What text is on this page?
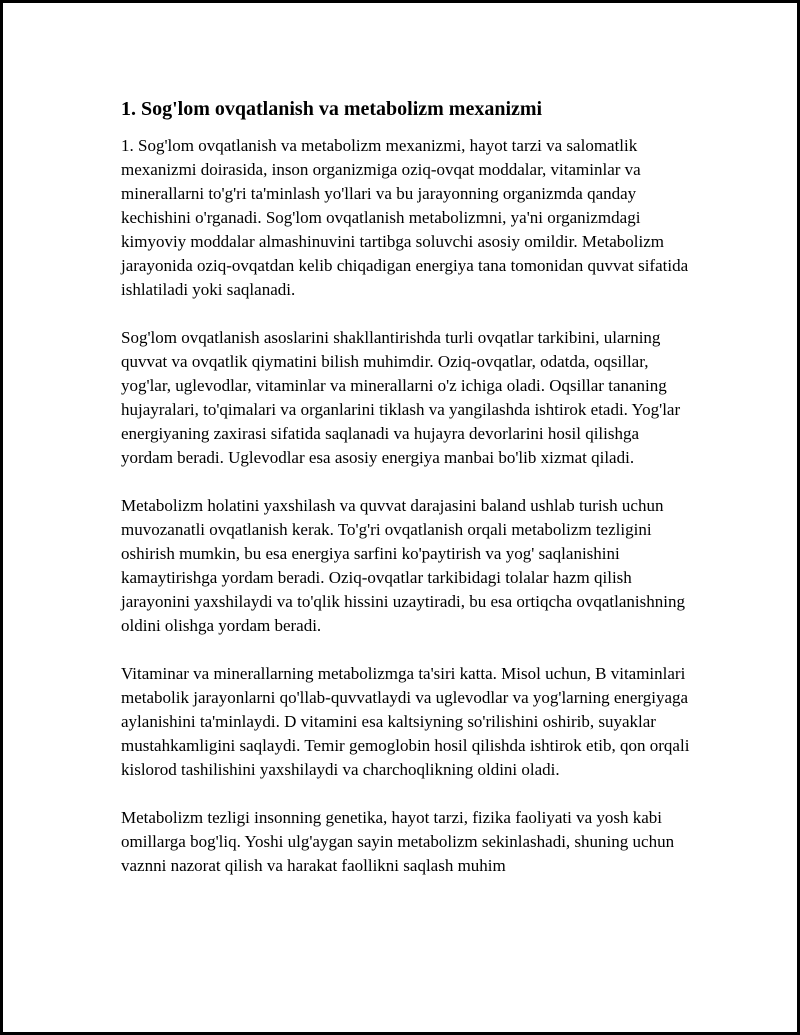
1. Sog'lom ovqatlanish va metabolizm mexanizmi

1. Sog'lom ovqatlanish va metabolizm mexanizmi, hayot tarzi va salomatlik mexanizmi doirasida, inson organizmiga oziq-ovqat moddalar, vitaminlar va minerallarni to'g'ri ta'minlash yo'llari va bu jarayonning organizmda qanday kechishini o'rganadi. Sog'lom ovqatlanish metabolizmni, ya'ni organizmdagi kimyoviy moddalar almashinuvini tartibga soluvchi asosiy omildir. Metabolizm jarayonida oziq-ovqatdan kelib chiqadigan energiya tana tomonidan quvvat sifatida ishlatiladi yoki saqlanadi.

Sog'lom ovqatlanish asoslarini shakllantirishda turli ovqatlar tarkibini, ularning quvvat va ovqatlik qiymatini bilish muhimdir. Oziq-ovqatlar, odatda, oqsillar, yog'lar, uglevodlar, vitaminlar va minerallarni o'z ichiga oladi. Oqsillar tananing hujayralari, to'qimalari va organlarini tiklash va yangilashda ishtirok etadi. Yog'lar energiyaning zaxirasi sifatida saqlanadi va hujayra devorlarini hosil qilishga yordam beradi. Uglevodlar esa asosiy energiya manbai bo'lib xizmat qiladi.

Metabolizm holatini yaxshilash va quvvat darajasini baland ushlab turish uchun muvozanatli ovqatlanish kerak. To'g'ri ovqatlanish orqali metabolizm tezligini oshirish mumkin, bu esa energiya sarfini ko'paytirish va yog' saqlanishini kamaytirishga yordam beradi. Oziq-ovqatlar tarkibidagi tolalar hazm qilish jarayonini yaxshilaydi va to'qlik hissini uzaytiradi, bu esa ortiqcha ovqatlanishning oldini olishga yordam beradi.

Vitaminar va minerallarning metabolizmga ta'siri katta. Misol uchun, B vitaminlari metabolik jarayonlarni qo'llab-quvvatlaydi va uglevodlar va yog'larning energiyaga aylanishini ta'minlaydi. D vitamini esa kaltsiyning so'rilishini oshirib, suyaklar mustahkamligini saqlaydi. Temir gemoglobin hosil qilishda ishtirok etib, qon orqali kislorod tashilishini yaxshilaydi va charchoqlikning oldini oladi.

Metabolizm tezligi insonning genetika, hayot tarzi, fizika faoliyati va yosh kabi omillarga bog'liq. Yoshi ulg'aygan sayin metabolizm sekinlashadi, shuning uchun vaznni nazorat qilish va harakat faollikni saqlash muhim
